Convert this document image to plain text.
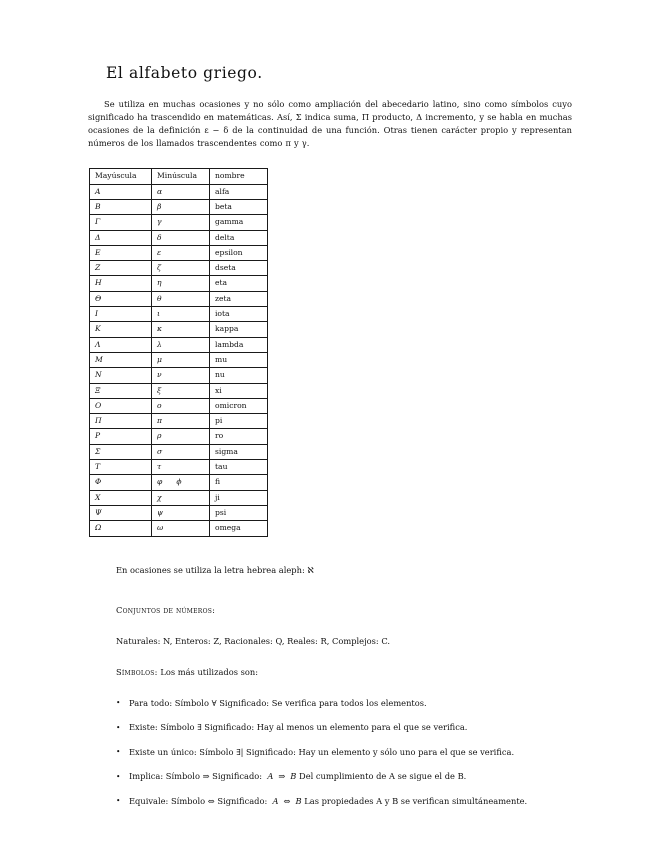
El alfabeto griego.

Se utiliza en muchas ocasiones y no sólo como ampliación del abecedario latino, sino como símbolos cuyo significado ha trascendido en matemáticas. Así, Σ indica suma, Π producto, Δ incremento, y se habla en muchas ocasiones de la definición ε − δ de la continuidad de una función. Otras tienen carácter propio y representan números de los llamados trascendentes como π y γ.

Mayúscula	Minúscula	nombre
Α	α	alfa
Β	β	beta
Γ	γ	gamma
Δ	δ	delta
Ε	ε	epsilon
Ζ	ζ	dseta
Η	η	eta
Θ	θ	zeta
Ι	ι	iota
Κ	κ	kappa
Λ	λ	lambda
Μ	μ	mu
Ν	ν	nu
Ξ	ξ	xi
Ο	ο	omicron
Π	π	pi
Ρ	ρ	ro
Σ	σ	sigma
Τ	τ	tau
Φ	φ ϕ	fi
Χ	χ	ji
Ψ	ψ	psi
Ω	ω	omega

En ocasiones se utiliza la letra hebrea aleph: ℵ

Conjuntos de números:

Naturales: N, Enteros: Z, Racionales: Q, Reales: R, Complejos: C.

Símbolos: Los más utilizados son:

• Para todo: Símbolo ∀ Significado: Se verifica para todos los elementos.
• Existe: Símbolo ∃ Significado: Hay al menos un elemento para el que se verifica.
• Existe un único: Símbolo ∃| Significado: Hay un elemento y sólo uno para el que se verifica.
• Implica: Símbolo ⇒ Significado: A ⇒ B Del cumplimiento de A se sigue el de B.
• Equivale: Símbolo ⇔ Significado: A ⇔ B Las propiedades A y B se verifican simultáneamente.
